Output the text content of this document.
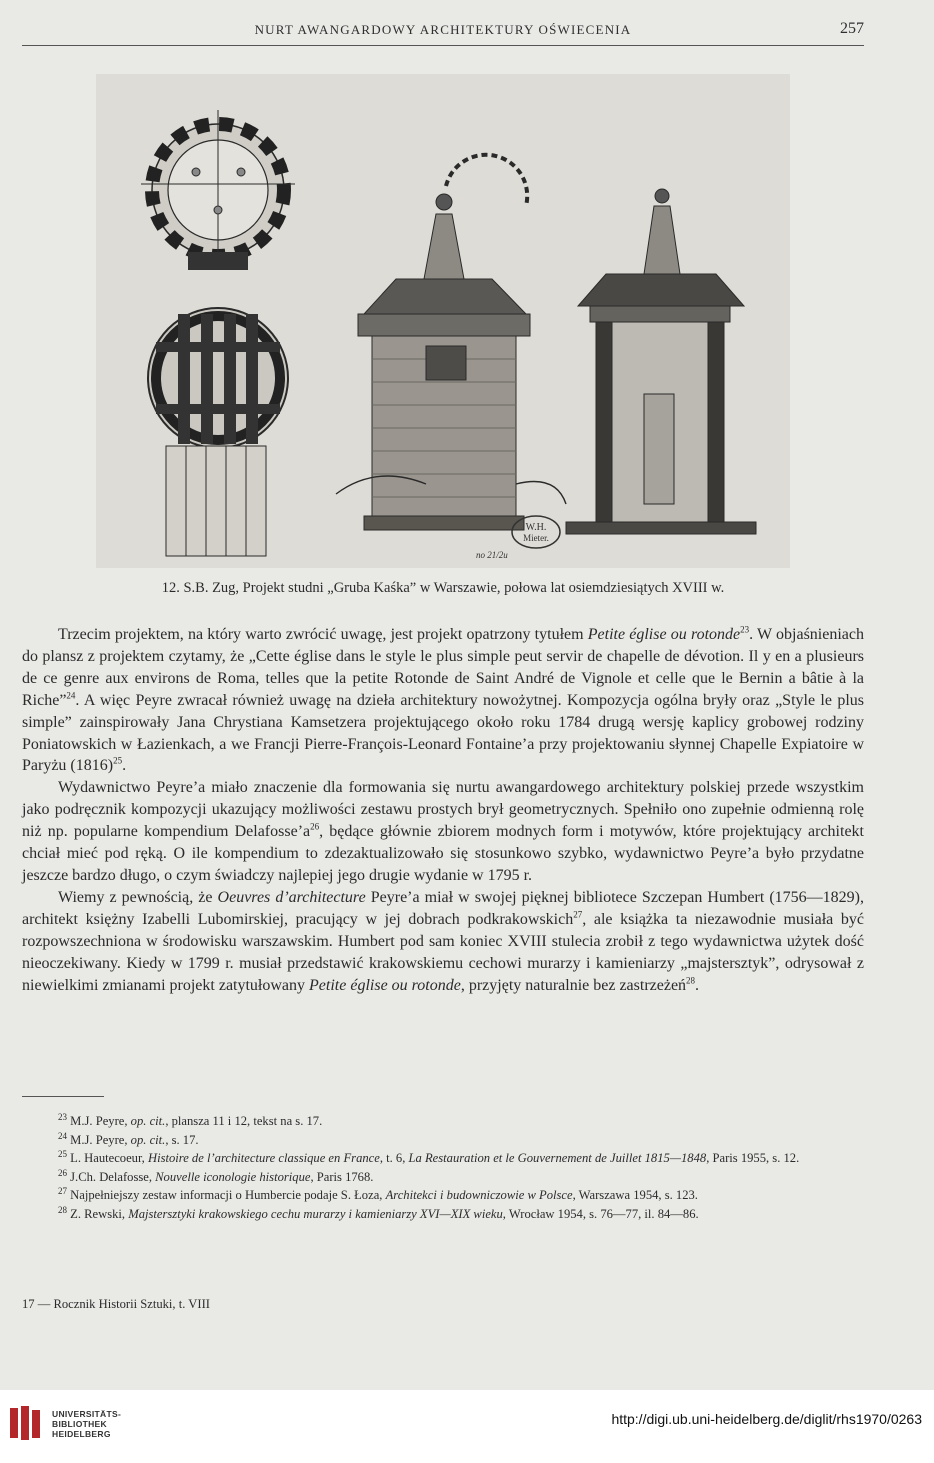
NURT AWANGARDOWY ARCHITEKTURY OŚWIECENIA	257
W.H.
Mieter.
no 21/2u
12. S.B. Zug, Projekt studni „Gruba Kaśka” w Warszawie, połowa lat osiemdziesiątych XVIII w.

Trzecim projektem, na który warto zwrócić uwagę, jest projekt opatrzony tytułem Petite église ou rotonde$^{23}$. W objaśnieniach do plansz z projektem czytamy, że „Cette église dans le style le plus simple peut servir de chapelle de dévotion. Il y en a plusieurs de ce genre aux environs de Roma, telles que la petite Rotonde de Saint André de Vignole et celle que le Bernin a bâtie à la Riche”$^{24}$. A więc Peyre zwracał również uwagę na dzieła architektury nowożytnej. Kompozycja ogólna bryły oraz „Style le plus simple” zainspirowały Jana Chrystiana Kamsetzera projektującego około roku 1784 drugą wersję kaplicy grobowej rodziny Poniatowskich w Łazienkach, a we Francji Pierre-François-Leonard Fontaine’a przy projektowaniu słynnej Chapelle Expiatoire w Paryżu $(1816)^{25}$.

Wydawnictwo Peyre’a miało znaczenie dla formowania się nurtu awangardowego architektury polskiej przede wszystkim jako podręcznik kompozycji ukazujący możliwości zestawu prostych brył geometrycznych. Spełniło ono zupełnie odmienną rolę niż np. popularne kompendium $Delafosse’a^{26}$, będące głównie zbiorem modnych form i motywów, które projektujący architekt chciał mieć pod ręką. O ile kompendium to zdezaktualizowało się stosunkowo szybko, wydawnictwo Peyre’a było przydatne jeszcze bardzo długo, o czym świadczy najlepiej jego drugie wydanie w 1795 r.

Wiemy z pewnością, że Oeuvres d’architecture Peyre’a miał w swojej pięknej bibliotece Szczepan Humbert (1756—1829), architekt księżny Izabelli Lubomirskiej, pracujący w jej dobrach podkrakowskich$^{27}$, ale książka ta niezawodnie musiała być rozpowszechniona w środowisku warszawskim. Humbert pod sam koniec XVIII stulecia zrobił z tego wydawnictwa użytek dość nieoczekiwany. Kiedy w 1799 r. musiał przedstawić krakowskiemu cechowi murarzy i kamieniarzy „majstersztyk”, odrysował z niewielkimi zmianami projekt zatytułowany Petite église ou rotonde, przyjęty naturalnie bez zastrzeżeń$^{28}$.

$^{23}$ M.J. Peyre, op. cit., plansza 11 i 12, tekst na s. 17.
$^{24}$ M.J. Peyre, op. cit., s. 17.
$^{25}$ L. Hautecoeur, Histoire de l’architecture classique en France, t. 6, La Restauration et le Gouvernement de Juillet 1815—1848, Paris 1955, s. 12.
$^{26}$ J.Ch. Delafosse, Nouvelle iconologie historique, Paris 1768.
$^{27}$ Najpełniejszy zestaw informacji o Humbercie podaje S. Łoza, Architekci i budowniczowie w Polsce, Warszawa 1954, s. 123.
$^{28}$ Z. Rewski, Majstersztyki krakowskiego cechu murarzy i kamieniarzy XVI—XIX wieku, Wrocław 1954, s. 76—77, il. 84—86.
17 — Rocznik Historii Sztuki, t. VIII
UNIVERSITÄTS-
BIBLIOTHEK
HEIDELBERG
http://digi.ub.uni-heidelberg.de/diglit/rhs1970/0263
